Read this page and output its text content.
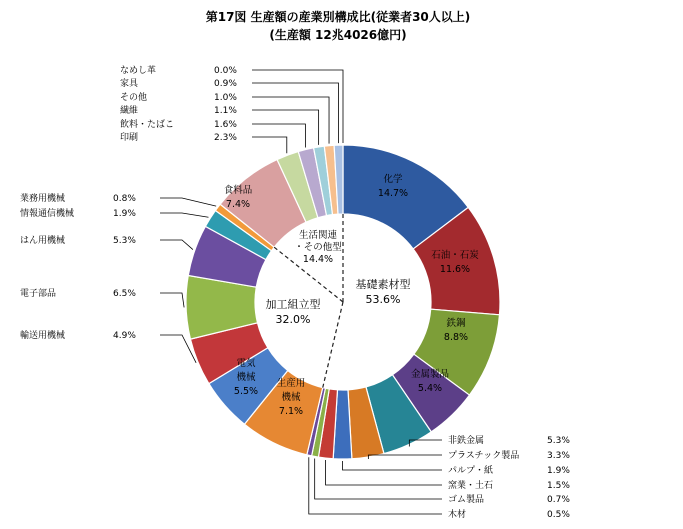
第17図 生産額の産業別構成比(従業者30人以上)
(生産額 12兆4026億円)
化学
14.7%
石油・石炭
11.6%
鉄鋼
8.8%
金属製品
5.4%
生産用
機械
7.1%
電気
機械
5.5%
食料品
7.4%
基礎素材型
53.6%
加工組立型
32.0%
生活関連
・その他型
14.4%
非鉄金属	5.3%
プラスチック製品	3.3%
パルプ・紙	1.9%
窯業・土石	1.5%
ゴム製品	0.7%
木材	0.5%
業務用機械	0.8%
情報通信機械	1.9%
はん用機械	5.3%
電子部品	6.5%
輸送用機械	4.9%
なめし革	0.0%
家具	0.9%
その他	1.0%
繊維	1.1%
飲料・たばこ	1.6%
印刷	2.3%
